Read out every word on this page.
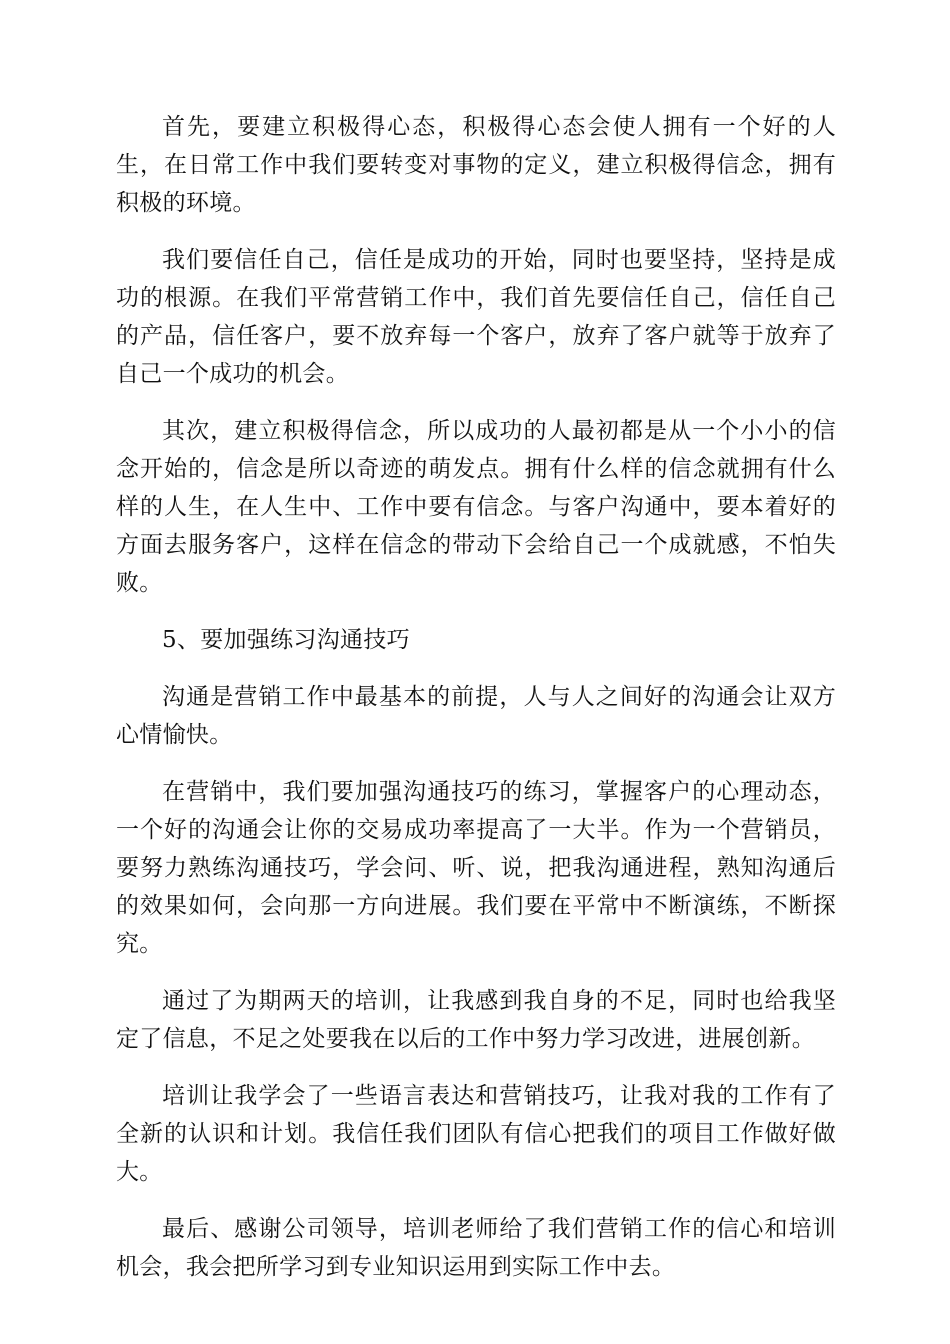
首先，要建立积极得心态，积极得心态会使人拥有一个好的人生，在日常工作中我们要转变对事物的定义，建立积极得信念，拥有积极的环境。

我们要信任自己，信任是成功的开始，同时也要坚持，坚持是成功的根源。在我们平常营销工作中，我们首先要信任自己，信任自己的产品，信任客户，要不放弃每一个客户，放弃了客户就等于放弃了自己一个成功的机会。

其次，建立积极得信念，所以成功的人最初都是从一个小小的信念开始的，信念是所以奇迹的萌发点。拥有什么样的信念就拥有什么样的人生，在人生中、工作中要有信念。与客户沟通中，要本着好的方面去服务客户，这样在信念的带动下会给自己一个成就感，不怕失败。

5、要加强练习沟通技巧

沟通是营销工作中最基本的前提，人与人之间好的沟通会让双方心情愉快。

在营销中，我们要加强沟通技巧的练习，掌握客户的心理动态，一个好的沟通会让你的交易成功率提高了一大半。作为一个营销员，要努力熟练沟通技巧，学会问、听、说，把我沟通进程，熟知沟通后的效果如何，会向那一方向进展。我们要在平常中不断演练，不断探究。

通过了为期两天的培训，让我感到我自身的不足，同时也给我坚定了信息，不足之处要我在以后的工作中努力学习改进，进展创新。

培训让我学会了一些语言表达和营销技巧，让我对我的工作有了全新的认识和计划。我信任我们团队有信心把我们的项目工作做好做大。

最后、感谢公司领导，培训老师给了我们营销工作的信心和培训机会，我会把所学习到专业知识运用到实际工作中去。
